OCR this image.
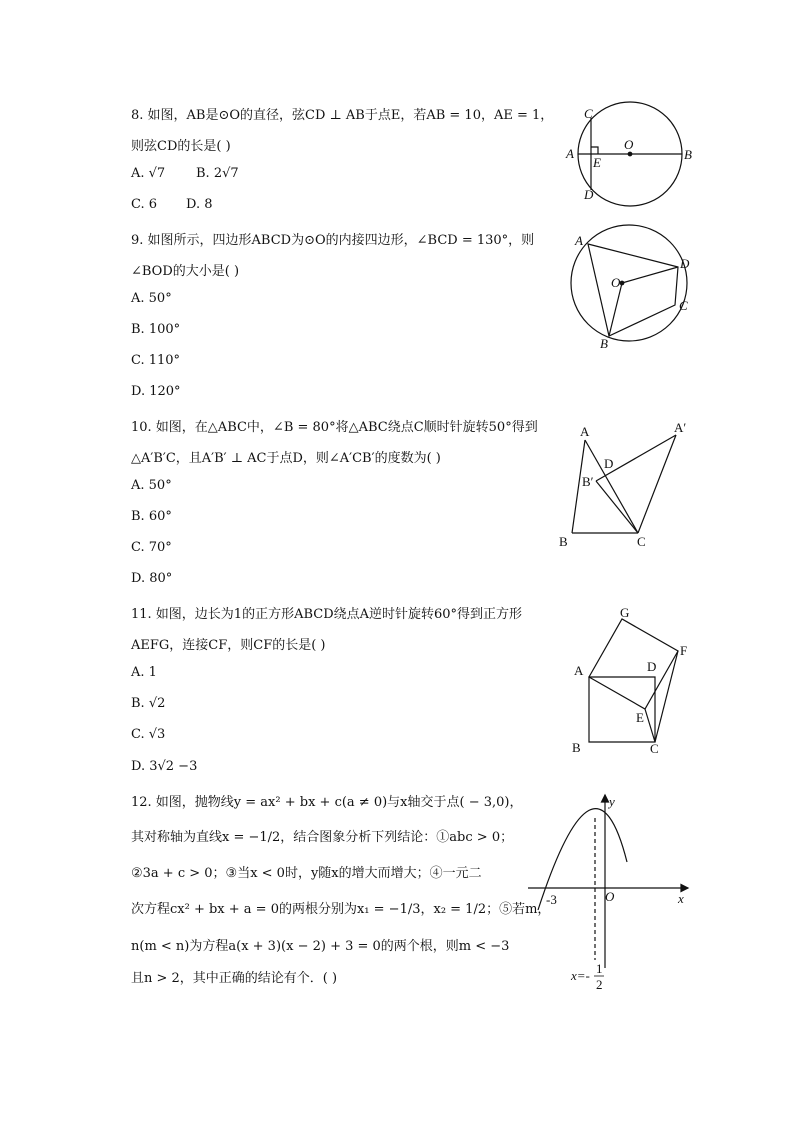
8. 如图，AB是⊙O的直径，弦CD ⊥ AB于点E，若AB = 10，AE = 1，
则弦CD的长是( )
A. √7 B. 2√7
C. 6 D. 8
9. 如图所示，四边形ABCD为⊙O的内接四边形，∠BCD = 130°，则
∠BOD的大小是( )
A. 50°
B. 100°
C. 110°
D. 120°
10. 如图，在△ABC中，∠B = 80°将△ABC绕点C顺时针旋转50°得到
△A′B′C，且A′B′ ⊥ AC于点D，则∠A′CB′的度数为( )
A. 50°
B. 60°
C. 70°
D. 80°
11. 如图，边长为1的正方形ABCD绕点A逆时针旋转60°得到正方形
AEFG，连接CF，则CF的长是( )
A. 1
B. √2
C. √3
D. 3√2 −3
12. 如图，抛物线y = ax² + bx + c(a ≠ 0)与x轴交于点( − 3,0)，
其对称轴为直线x = −1/2，结合图象分析下列结论：①abc > 0；
②3a + c > 0；③当x < 0时，y随x的增大而增大；④一元二
次方程cx² + bx + a = 0的两根分别为x₁ = −1/3，x₂ = 1/2；⑤若m，
n(m < n)为方程a(x + 3)(x − 2) + 3 = 0的两个根，则m < −3
且n > 2，其中正确的结论有个．( )
C
O
A
E
B
D
A
O
D
C
B
A	A′
D
B′
B	C
G
D
F
A
E
B	C
y
x
O
-3
x=- 1
2
